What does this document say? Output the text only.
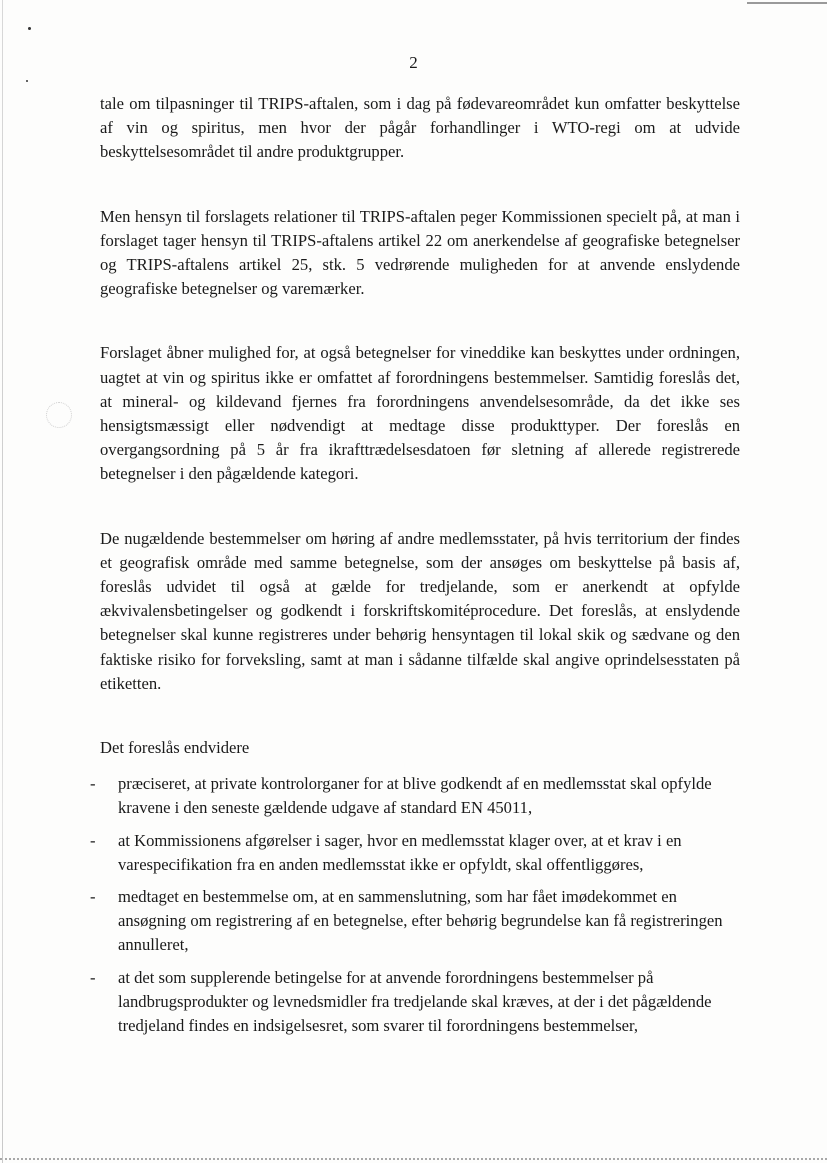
2

tale om tilpasninger til TRIPS-aftalen, som i dag på fødevareområdet kun omfatter beskyttelse af vin og spiritus, men hvor der pågår forhandlinger i WTO-regi om at udvide beskyttelsesområdet til andre produktgrupper.

Men hensyn til forslagets relationer til TRIPS-aftalen peger Kommissionen specielt på, at man i forslaget tager hensyn til TRIPS-aftalens artikel 22 om anerkendelse af geografiske betegnelser og TRIPS-aftalens artikel 25, stk. 5 vedrørende muligheden for at anvende enslydende geografiske betegnelser og varemærker.

Forslaget åbner mulighed for, at også betegnelser for vineddike kan beskyttes under ordningen, uagtet at vin og spiritus ikke er omfattet af forordningens bestemmelser. Samtidig foreslås det, at mineral- og kildevand fjernes fra forordningens anvendelsesområde, da det ikke ses hensigtsmæssigt eller nødvendigt at medtage disse produkttyper. Der foreslås en overgangsordning på 5 år fra ikrafttrædelsesdatoen før sletning af allerede registrerede betegnelser i den pågældende kategori.

De nugældende bestemmelser om høring af andre medlemsstater, på hvis territorium der findes et geografisk område med samme betegnelse, som der ansøges om beskyttelse på basis af, foreslås udvidet til også at gælde for tredjelande, som er anerkendt at opfylde ækvivalensbetingelser og godkendt i forskriftskomitéprocedure. Det foreslås, at enslydende betegnelser skal kunne registreres under behørig hensyntagen til lokal skik og sædvane og den faktiske risiko for forveksling, samt at man i sådanne tilfælde skal angive oprindelsesstaten på etiketten.

Det foreslås endvidere

- præciseret, at private kontrolorganer for at blive godkendt af en medlemsstat skal opfylde kravene i den seneste gældende udgave af standard EN 45011,
- at Kommissionens afgørelser i sager, hvor en medlemsstat klager over, at et krav i en varespecifikation fra en anden medlemsstat ikke er opfyldt, skal offentliggøres,
- medtaget en bestemmelse om, at en sammenslutning, som har fået imødekommet en ansøgning om registrering af en betegnelse, efter behørig begrundelse kan få registreringen annulleret,
- at det som supplerende betingelse for at anvende forordningens bestemmelser på landbrugsprodukter og levnedsmidler fra tredjelande skal kræves, at der i det pågældende tredjeland findes en indsigelsesret, som svarer til forordningens bestemmelser,
